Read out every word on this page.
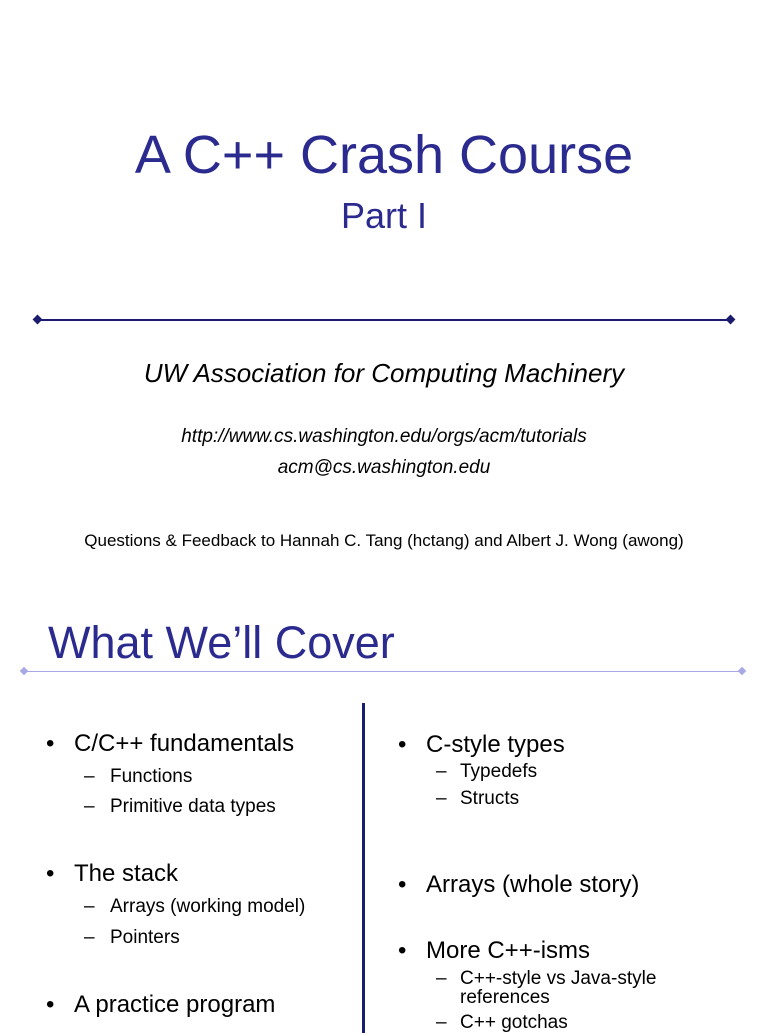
A C++ Crash Course
Part I
UW Association for Computing Machinery
http://www.cs.washington.edu/orgs/acm/tutorials
acm@cs.washington.edu
Questions & Feedback to Hannah C. Tang (hctang) and Albert J. Wong (awong)
What We’ll Cover
• C/C++ fundamentals
– Functions
– Primitive data types
• The stack
– Arrays (working model)
– Pointers
• A practice program
• C-style types
– Typedefs
– Structs
• Arrays (whole story)
• More C++-isms
– C++-style vs Java-style references
– C++ gotchas
